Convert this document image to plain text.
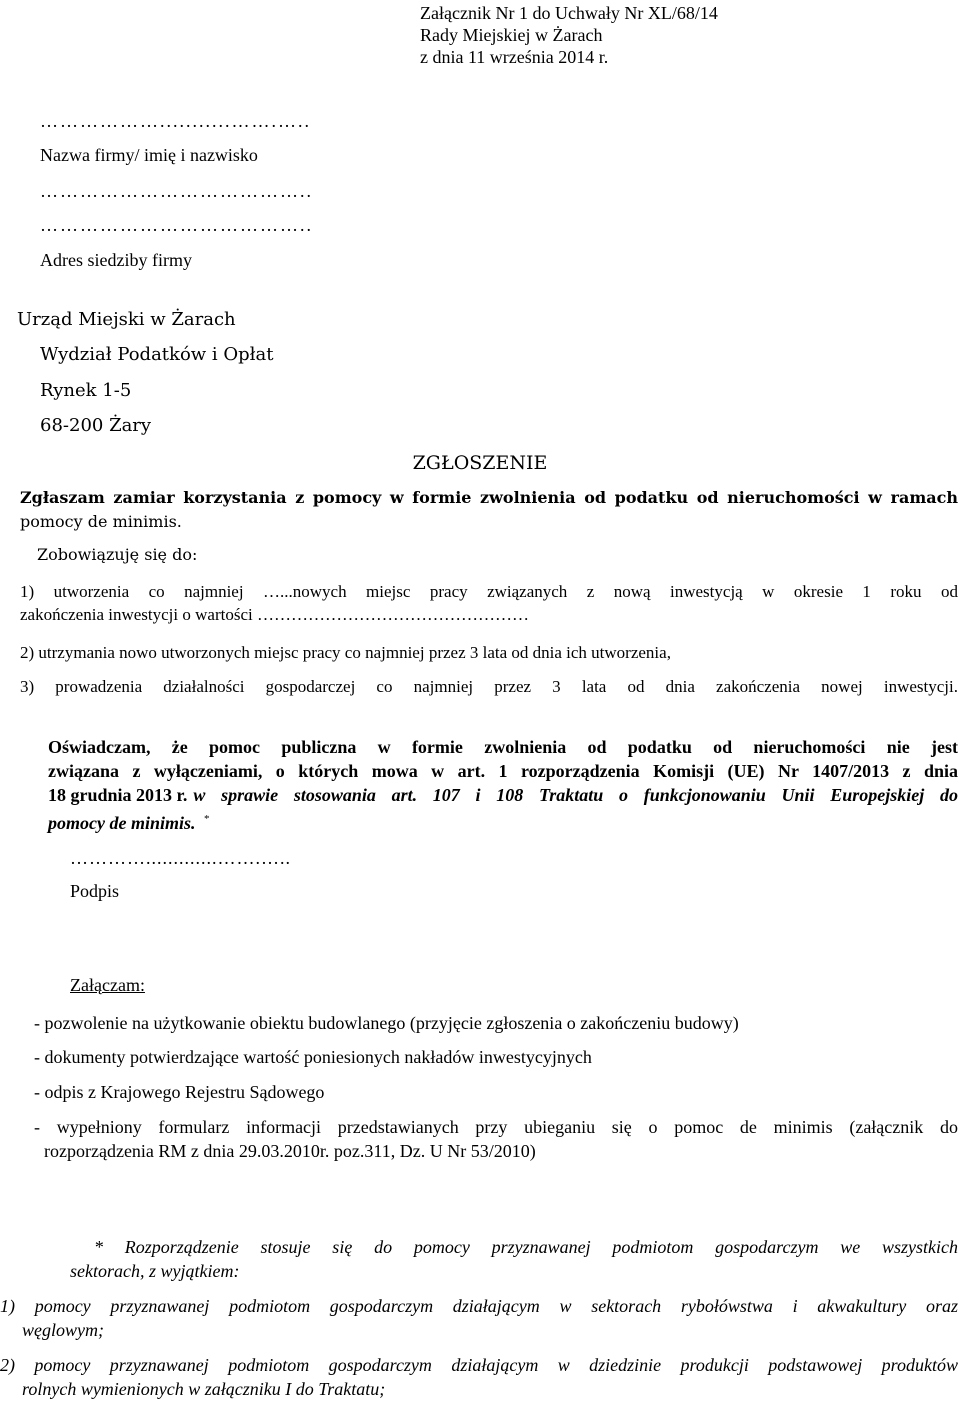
Załącznik Nr 1 do Uchwały Nr XL/68/14
Rady Miejskiej w Żarach
z dnia 11 września 2014 r.
………………...........…….…..
Nazwa firmy/ imię i nazwisko
…………………………………..
…………………………………..
Adres siedziby firmy
Urząd Miejski w Żarach
Wydział Podatków i Opłat
Rynek 1-5
68-200 Żary
ZGŁOSZENIE
Zgłaszam zamiar korzystania z pomocy w formie zwolnienia od podatku od nieruchomości w ramach
pomocy de minimis.
Zobowiązuję się do:
1) utworzenia co najmniej …...nowych miejsc pracy związanych z nową inwestycją w okresie 1 roku od
zakończenia inwestycji o wartości …………………………………………
2) utrzymania nowo utworzonych miejsc pracy co najmniej przez 3 lata od dnia ich utworzenia,
3) prowadzenia działalności gospodarczej co najmniej przez 3 lata od dnia zakończenia nowej inwestycji.
Oświadczam, że pomoc publiczna w formie zwolnienia od podatku od nieruchomości nie jest
związana z wyłączeniami, o których mowa w art. 1 rozporządzenia Komisji (UE) Nr 1407/2013 z dnia
18 grudnia 2013 r. w sprawie stosowania art. 107 i 108 Traktatu o funkcjonowaniu Unii Europejskiej do
pomocy de minimis. *
………….............…….…..
Podpis
Załączam:
- pozwolenie na użytkowanie obiektu budowlanego (przyjęcie zgłoszenia o zakończeniu budowy)
- dokumenty potwierdzające wartość poniesionych nakładów inwestycyjnych
- odpis z Krajowego Rejestru Sądowego
- wypełniony formularz informacji przedstawianych przy ubieganiu się o pomoc de minimis (załącznik do
rozporządzenia RM z dnia 29.03.2010r. poz.311, Dz. U Nr 53/2010)
* Rozporządzenie stosuje się do pomocy przyznawanej podmiotom gospodarczym we wszystkich
sektorach, z wyjątkiem:
1) pomocy przyznawanej podmiotom gospodarczym działającym w sektorach rybołówstwa i akwakultury oraz
węglowym;
2) pomocy przyznawanej podmiotom gospodarczym działającym w dziedzinie produkcji podstawowej produktów
rolnych wymienionych w załączniku I do Traktatu;
